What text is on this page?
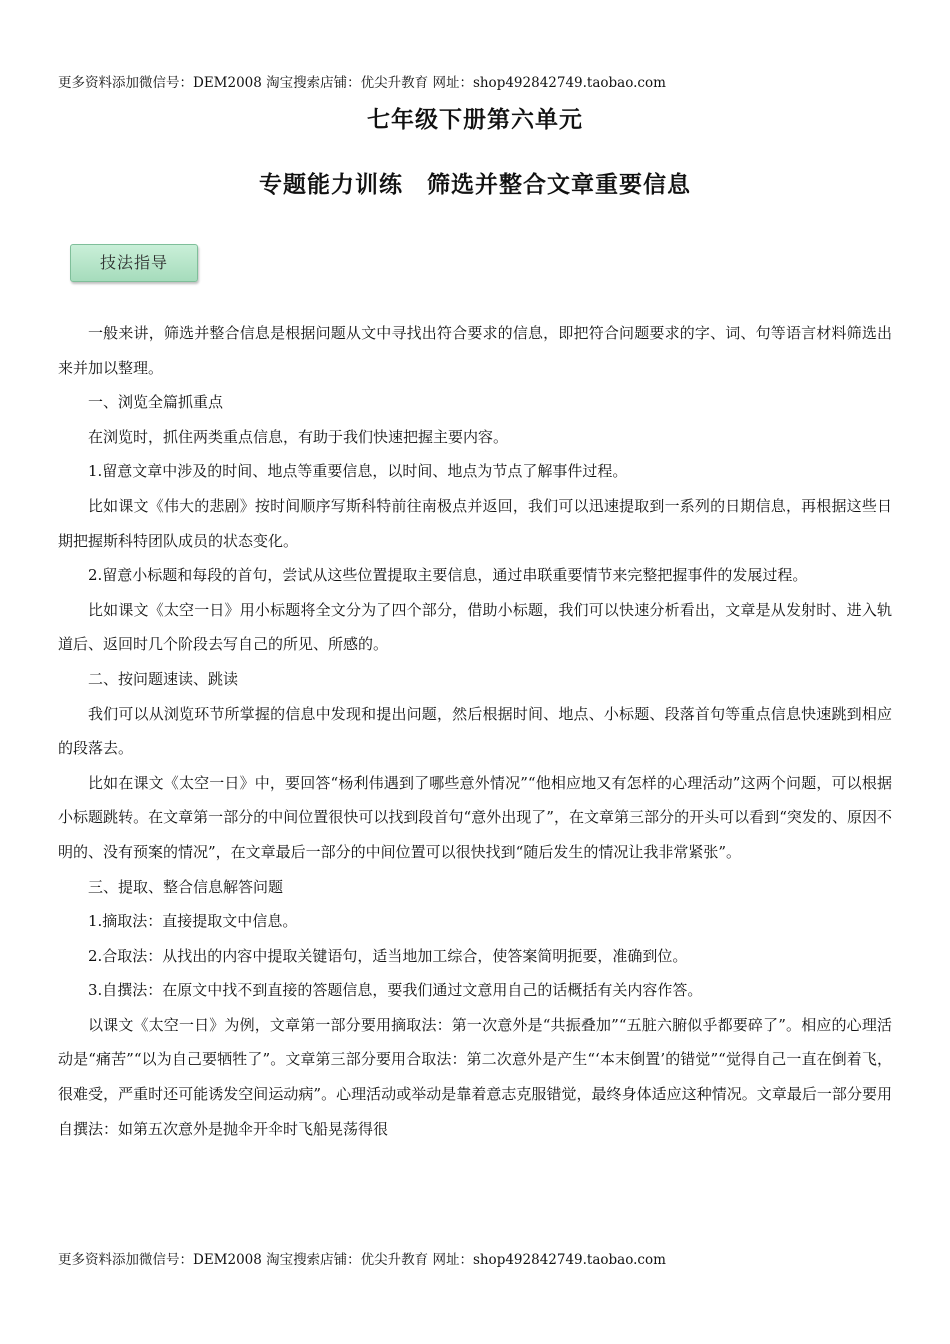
更多资料添加微信号：DEM2008 淘宝搜索店铺：优尖升教育 网址：shop492842749.taobao.com
七年级下册第六单元
专题能力训练　筛选并整合文章重要信息
技法指导

一般来讲，筛选并整合信息是根据问题从文中寻找出符合要求的信息，即把符合问题要求的字、词、句等语言材料筛选出来并加以整理。

一、浏览全篇抓重点

在浏览时，抓住两类重点信息，有助于我们快速把握主要内容。

1.留意文章中涉及的时间、地点等重要信息，以时间、地点为节点了解事件过程。

比如课文《伟大的悲剧》按时间顺序写斯科特前往南极点并返回，我们可以迅速提取到一系列的日期信息，再根据这些日期把握斯科特团队成员的状态变化。

2.留意小标题和每段的首句，尝试从这些位置提取主要信息，通过串联重要情节来完整把握事件的发展过程。

比如课文《太空一日》用小标题将全文分为了四个部分，借助小标题，我们可以快速分析看出，文章是从发射时、进入轨道后、返回时几个阶段去写自己的所见、所感的。

二、按问题速读、跳读

我们可以从浏览环节所掌握的信息中发现和提出问题，然后根据时间、地点、小标题、段落首句等重点信息快速跳到相应的段落去。

比如在课文《太空一日》中，要回答“杨利伟遇到了哪些意外情况”“他相应地又有怎样的心理活动”这两个问题，可以根据小标题跳转。在文章第一部分的中间位置很快可以找到段首句“意外出现了”，在文章第三部分的开头可以看到“突发的、原因不明的、没有预案的情况”，在文章最后一部分的中间位置可以很快找到“随后发生的情况让我非常紧张”。

三、提取、整合信息解答问题

1.摘取法：直接提取文中信息。

2.合取法：从找出的内容中提取关键语句，适当地加工综合，使答案简明扼要，准确到位。

3.自撰法：在原文中找不到直接的答题信息，要我们通过文意用自己的话概括有关内容作答。

以课文《太空一日》为例，文章第一部分要用摘取法：第一次意外是“共振叠加”“五脏六腑似乎都要碎了”。相应的心理活动是“痛苦”“以为自己要牺牲了”。文章第三部分要用合取法：第二次意外是产生“‘本末倒置’的错觉”“觉得自己一直在倒着飞，很难受，严重时还可能诱发空间运动病”。心理活动或举动是靠着意志克服错觉，最终身体适应这种情况。文章最后一部分要用自撰法：如第五次意外是抛伞开伞时飞船晃荡得很

更多资料添加微信号：DEM2008 淘宝搜索店铺：优尖升教育 网址：shop492842749.taobao.com
